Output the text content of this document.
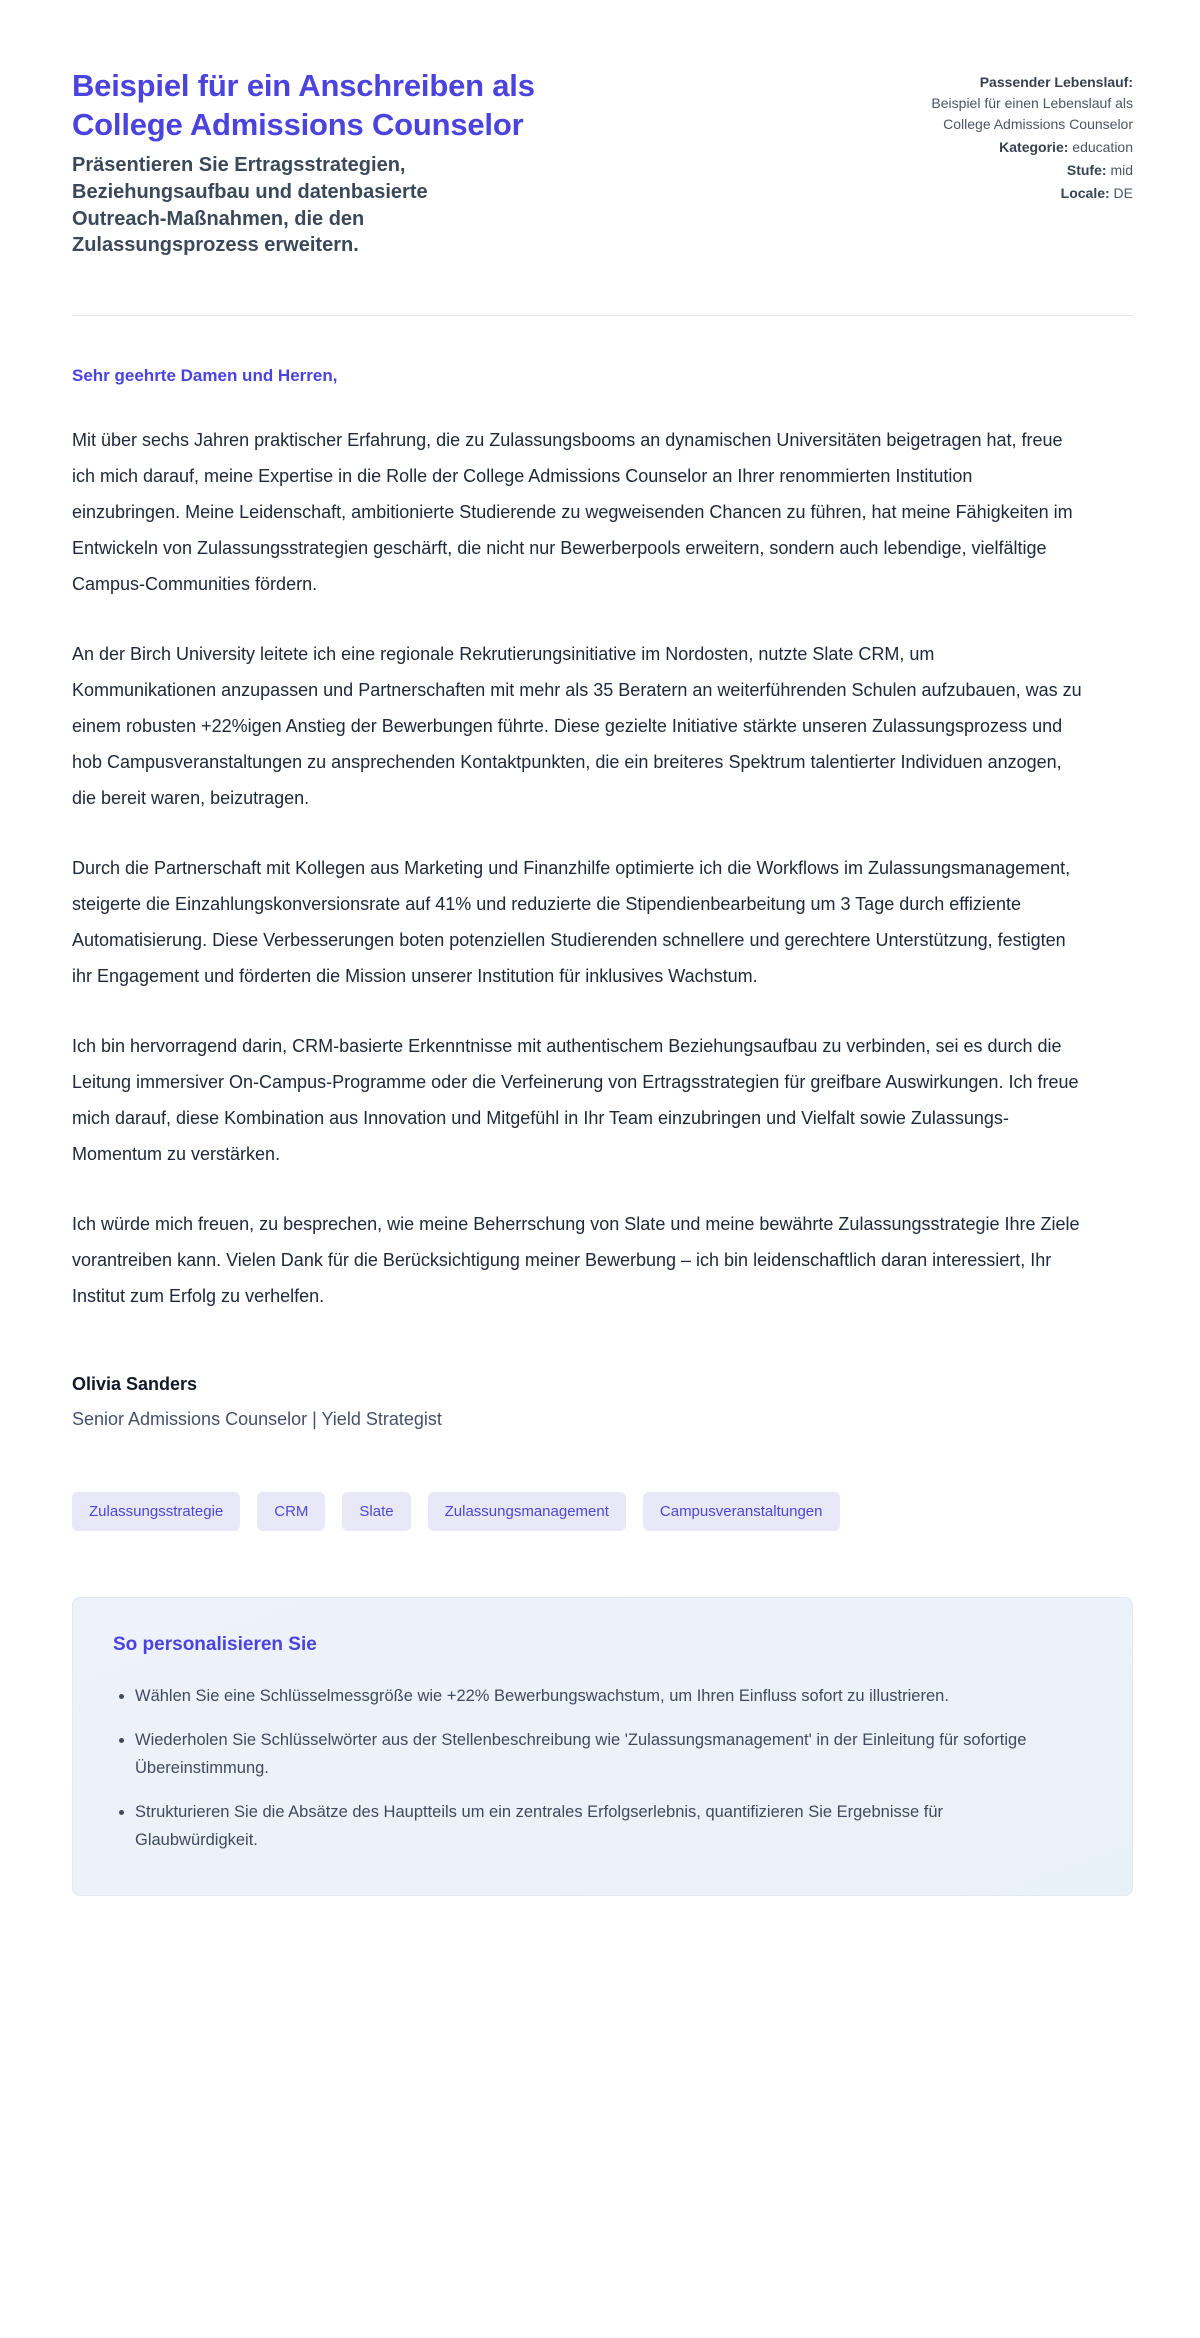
Beispiel für ein Anschreiben als College Admissions Counselor
Präsentieren Sie Ertragsstrategien, Beziehungsaufbau und datenbasierte Outreach-Maßnahmen, die den Zulassungsprozess erweitern.
Passender Lebenslauf:
Beispiel für einen Lebenslauf als College Admissions Counselor
Kategorie: education
Stufe: mid
Locale: DE
Sehr geehrte Damen und Herren,

Mit über sechs Jahren praktischer Erfahrung, die zu Zulassungsbooms an dynamischen Universitäten beigetragen hat, freue ich mich darauf, meine Expertise in die Rolle der College Admissions Counselor an Ihrer renommierten Institution einzubringen. Meine Leidenschaft, ambitionierte Studierende zu wegweisenden Chancen zu führen, hat meine Fähigkeiten im Entwickeln von Zulassungsstrategien geschärft, die nicht nur Bewerberpools erweitern, sondern auch lebendige, vielfältige Campus-Communities fördern.

An der Birch University leitete ich eine regionale Rekrutierungsinitiative im Nordosten, nutzte Slate CRM, um Kommunikationen anzupassen und Partnerschaften mit mehr als 35 Beratern an weiterführenden Schulen aufzubauen, was zu einem robusten +22%igen Anstieg der Bewerbungen führte. Diese gezielte Initiative stärkte unseren Zulassungsprozess und hob Campusveranstaltungen zu ansprechenden Kontaktpunkten, die ein breiteres Spektrum talentierter Individuen anzogen, die bereit waren, beizutragen.

Durch die Partnerschaft mit Kollegen aus Marketing und Finanzhilfe optimierte ich die Workflows im Zulassungsmanagement, steigerte die Einzahlungskonversionsrate auf 41% und reduzierte die Stipendienbearbeitung um 3 Tage durch effiziente Automatisierung. Diese Verbesserungen boten potenziellen Studierenden schnellere und gerechtere Unterstützung, festigten ihr Engagement und förderten die Mission unserer Institution für inklusives Wachstum.

Ich bin hervorragend darin, CRM-basierte Erkenntnisse mit authentischem Beziehungsaufbau zu verbinden, sei es durch die Leitung immersiver On-Campus-Programme oder die Verfeinerung von Ertragsstrategien für greifbare Auswirkungen. Ich freue mich darauf, diese Kombination aus Innovation und Mitgefühl in Ihr Team einzubringen und Vielfalt sowie Zulassungs-Momentum zu verstärken.

Ich würde mich freuen, zu besprechen, wie meine Beherrschung von Slate und meine bewährte Zulassungsstrategie Ihre Ziele vorantreiben kann. Vielen Dank für die Berücksichtigung meiner Bewerbung – ich bin leidenschaftlich daran interessiert, Ihr Institut zum Erfolg zu verhelfen.

Olivia Sanders
Senior Admissions Counselor | Yield Strategist
Zulassungsstrategie	CRM	Slate	Zulassungsmanagement	Campusveranstaltungen
So personalisieren Sie
• Wählen Sie eine Schlüsselmessgröße wie +22% Bewerbungswachstum, um Ihren Einfluss sofort zu illustrieren.
• Wiederholen Sie Schlüsselwörter aus der Stellenbeschreibung wie 'Zulassungsmanagement' in der Einleitung für sofortige Übereinstimmung.
• Strukturieren Sie die Absätze des Hauptteils um ein zentrales Erfolgserlebnis, quantifizieren Sie Ergebnisse für Glaubwürdigkeit.
